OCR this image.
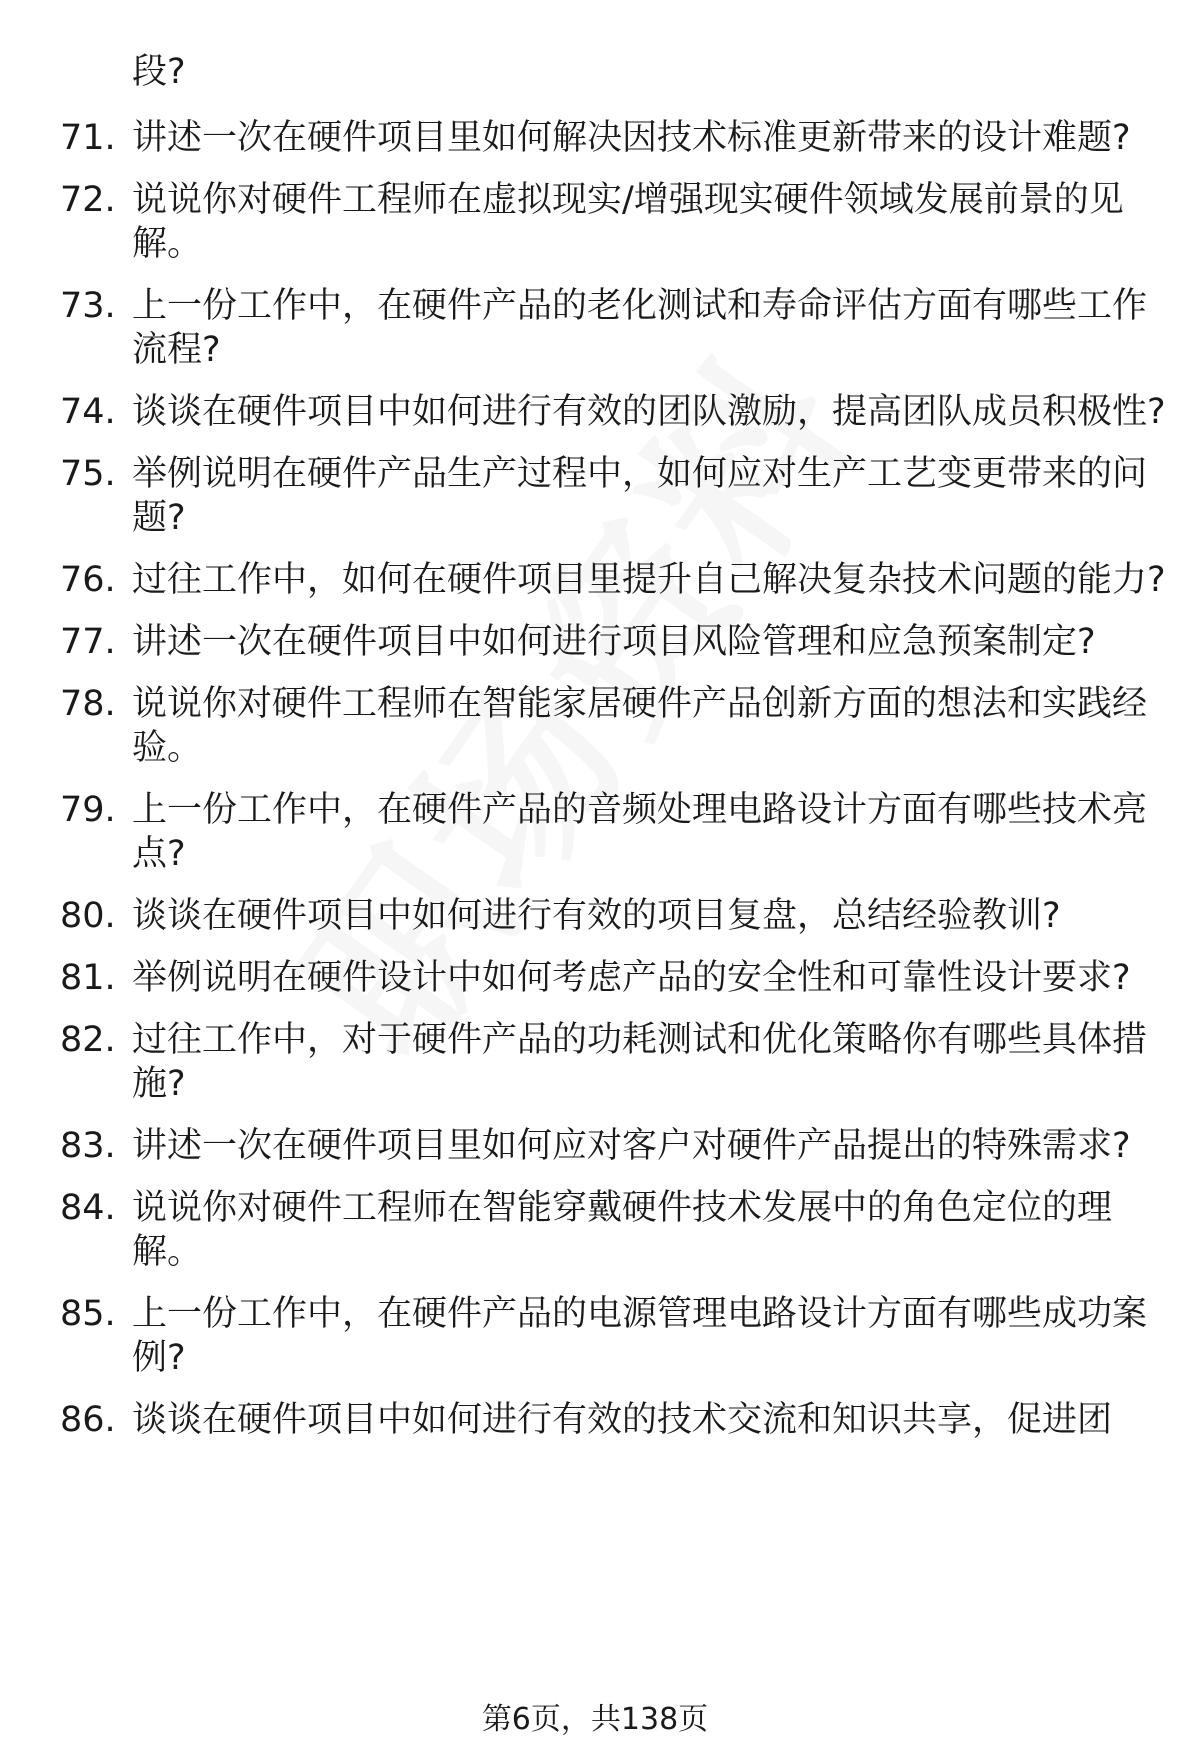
段?

71. 讲述一次在硬件项目里如何解决因技术标准更新带来的设计难题?
72. 说说你对硬件工程师在虚拟现实/增强现实硬件领域发展前景的见解。
73. 上一份工作中，在硬件产品的老化测试和寿命评估方面有哪些工作流程?
74. 谈谈在硬件项目中如何进行有效的团队激励，提高团队成员积极性?
75. 举例说明在硬件产品生产过程中，如何应对生产工艺变更带来的问题?
76. 过往工作中，如何在硬件项目里提升自己解决复杂技术问题的能力?
77. 讲述一次在硬件项目中如何进行项目风险管理和应急预案制定?
78. 说说你对硬件工程师在智能家居硬件产品创新方面的想法和实践经验。
79. 上一份工作中，在硬件产品的音频处理电路设计方面有哪些技术亮点?
80. 谈谈在硬件项目中如何进行有效的项目复盘，总结经验教训?
81. 举例说明在硬件设计中如何考虑产品的安全性和可靠性设计要求?
82. 过往工作中，对于硬件产品的功耗测试和优化策略你有哪些具体措施?
83. 讲述一次在硬件项目里如何应对客户对硬件产品提出的特殊需求?
84. 说说你对硬件工程师在智能穿戴硬件技术发展中的角色定位的理解。
85. 上一份工作中，在硬件产品的电源管理电路设计方面有哪些成功案例?
86. 谈谈在硬件项目中如何进行有效的技术交流和知识共享，促进团
第6页，共138页
